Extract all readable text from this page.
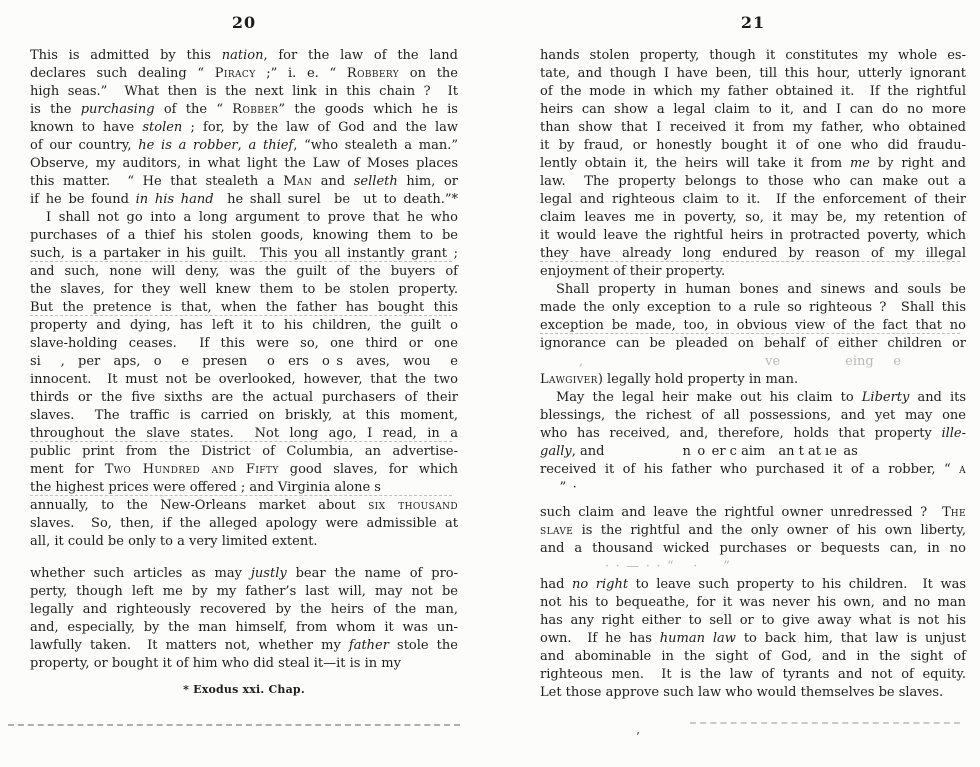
20
This is admitted by this nation, for the law of the land
declares such dealing “ Piracy ;” i. e. “ Robbery on the
high seas.”  What then is the next link in this chain ?  It
is the purchasing of the “ Robber” the goods which he is
known to have stolen ; for, by the law of God and the law
of our country, he is a robber, a thief, “who stealeth a man.”
Observe, my auditors, in what light the Law of Moses places
this matter.  “ He that stealeth a Man and selleth him, or
if he be found in his hand  he shall surel  be  ut to death.”*
I shall not go into a long argument to prove that he who
purchases of a thief his stolen goods, knowing them to be
such, is a partaker in his guilt.  This you all instantly grant ;
and such, none will deny, was the guilt of the buyers of
the slaves, for they well knew them to be stolen property.
But the pretence is that, when the father has bought this
property and dying, has left it to his children, the guilt o
slave-holding ceases.  If this were so, one third or one
si  , per aps, o  e presen  o ers o s aves, wou  e
innocent.  It must not be overlooked, however, that the two
thirds or the five sixths are the actual purchasers of their
slaves.  The traffic is carried on briskly, at this moment,
throughout the slave states.  Not long ago, I read, in a
public print from the District of Columbia, an advertise-
ment for Two Hundred and Fifty good slaves, for which
the highest prices were offered ; and Virginia alone s
annually, to the New-Orleans market about six thousand
slaves.  So, then, if the alleged apology were admissible at
all, it could be only to a very limited extent.
whether such articles as may justly bear the name of pro-
perty, though left me by my father’s last will, may not be
legally and righteously recovered by the heirs of the man,
and, especially, by the man himself, from whom it was un-
lawfully taken.  It matters not, whether my father stole the
property, or bought it of him who did steal it—it is in my
* Exodus xxi. Chap.
21
hands stolen property, though it constitutes my whole es-
tate, and though I have been, till this hour, utterly ignorant
of the mode in which my father obtained it.  If the rightful
heirs can show a legal claim to it, and I can do no more
than show that I received it from my father, who obtained
it by fraud, or honestly bought it of one who did fraudu-
lently obtain it, the heirs will take it from me by right and
law.  The property belongs to those who can make out a
legal and righteous claim to it.  If the enforcement of their
claim leaves me in poverty, so, it may be, my retention of
it would leave the rightful heirs in protracted poverty, which
they have already long endured by reason of my illegal
enjoyment of their property.
Shall property in human bones and sinews and souls be
made the only exception to a rule so righteous ?  Shall this
exception be made, too, in obvious view of the fact that no
ignorance can be pleaded on behalf of either children or
   ,              ve     eing  e
Lawgiver) legally hold property in man.
May the legal heir make out his claim to Liberty and its
blessings, the richest of all possessions, and yet may one
who has received, and, therefore, holds that property ille-
gally, and      n o er c aim an t at ıe as
received it of his father who purchased it of a robber, “ a
  ” ·
such claim and leave the rightful owner unredressed ?  The
slave is the rightful and the only owner of his own liberty,
and a thousand wicked purchases or bequests can, in no
     · · — · · “  ·  ”
had no right to leave such property to his children.  It was
not his to bequeathe, for it was never his own, and no man
has any right either to sell or to give away what is not his
own.  If he has human law to back him, that law is unjust
and abominable in the sight of God, and in the sight of
righteous men.  It is the law of tyrants and not of equity.
Let those approve such law who would themselves be slaves.
’
